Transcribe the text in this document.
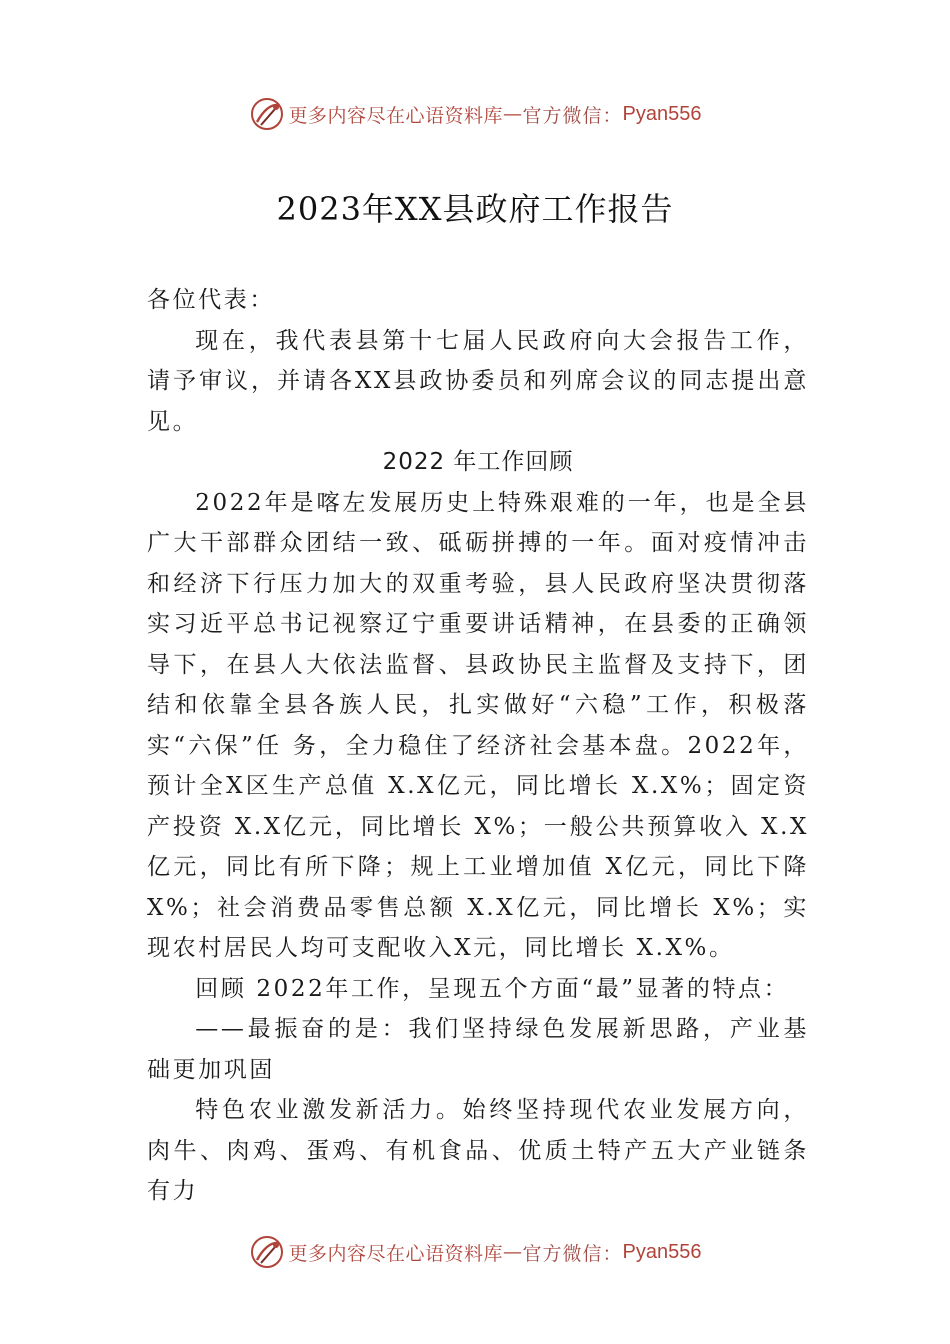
更多内容尽在心语资料库 — 官方微信： Pyan556
2023年XX县政府工作报告

各位代表：

现在，我代表县第十七届人民政府向大会报告工作，请予审议，并请各XX县政协委员和列席会议的同志提出意见。

2022 年工作回顾

2022年是喀左发展历史上特殊艰难的一年，也是全县广大干部群众团结一致、砥砺拼搏的一年。面对疫情冲击和经济下行压力加大的双重考验，县人民政府坚决贯彻落实习近平总书记视察辽宁重要讲话精神，在县委的正确领导下，在县人大依法监督、县政协民主监督及支持下，团结和依靠全县各族人民，扎实做好“六稳”工作，积极落实“六保”任 务，全力稳住了经济社会基本盘。2022年，预计全X区生产总值 X.X亿元，同比增长 X.X%；固定资产投资 X.X亿元，同比增长 X%；一般公共预算收入 X.X亿元，同比有所下降；规上工业增加值 X亿元，同比下降 X%；社会消费品零售总额 X.X亿元，同比增长 X%；实现农村居民人均可支配收入X元，同比增长 X.X%。

回顾 2022年工作，呈现五个方面“最”显著的特点：

——最振奋的是：我们坚持绿色发展新思路，产业基础更加巩固

特色农业激发新活力。始终坚持现代农业发展方向，肉牛、肉鸡、蛋鸡、有机食品、优质土特产五大产业链条有力

更多内容尽在心语资料库 — 官方微信： Pyan556
